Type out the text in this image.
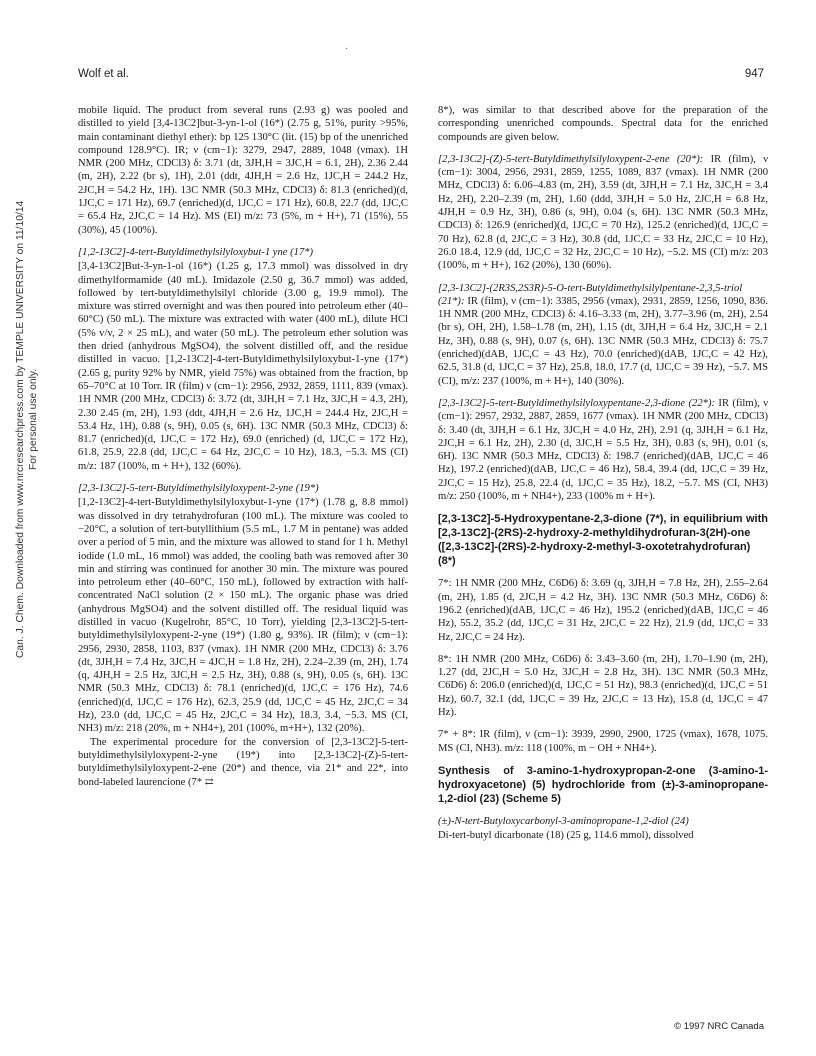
·
Wolf et al.	947
Can. J. Chem. Downloaded from www.nrcresearchpress.com by TEMPLE UNIVERSITY on 11/10/14 For personal use only.

mobile liquid. The product from several runs (2.93 g) was pooled and distilled to yield [3,4-13C2]but-3-yn-1-ol (16*) (2.75 g, 51%, purity >95%, main contaminant diethyl ether): bp 125 130°C (lit. (15) bp of the unenriched compound 128.9°C). IR; ν (cm−1): 3279, 2947, 2889, 1048 (νmax). 1H NMR (200 MHz, CDCl3) δ: 3.71 (dt, 3JH,H = 3JC,H = 6.1, 2H), 2.36 2.44 (m, 2H), 2.22 (br s), 1H), 2.01 (ddt, 4JH,H = 2.6 Hz, 1JC,H = 244.2 Hz, 2JC,H = 54.2 Hz, 1H). 13C NMR (50.3 MHz, CDCl3) δ: 81.3 (enriched)(d, 1JC,C = 171 Hz), 69.7 (enriched)(d, 1JC,C = 171 Hz), 60.8, 22.7 (dd, 1JC,C = 65.4 Hz, 2JC,C = 14 Hz). MS (EI) m/z: 73 (5%, m + H+), 71 (15%), 55 (30%), 45 (100%).

[1,2-13C2]-4-tert-Butyldimethylsilyloxybut-1 yne (17*)

[3,4-13C2]But-3-yn-1-ol (16*) (1.25 g, 17.3 mmol) was dissolved in dry dimethylformamide (40 mL). Imidazole (2.50 g, 36.7 mmol) was added, followed by tert-butyldimethylsilyl chloride (3.00 g, 19.9 mmol). The mixture was stirred overnight and was then poured into petroleum ether (40–60°C) (50 mL). The mixture was extracted with water (400 mL), dilute HCl (5% v/v, 2 × 25 mL), and water (50 mL). The petroleum ether solution was then dried (anhydrous MgSO4), the solvent distilled off, and the residue distilled in vacuo. [1,2-13C2]-4-tert-Butyldimethylsilyloxybut-1-yne (17*) (2.65 g, purity 92% by NMR, yield 75%) was obtained from the fraction, bp 65–70°C at 10 Torr. IR (film) ν (cm−1): 2956, 2932, 2859, 1111, 839 (νmax). 1H NMR (200 MHz, CDCl3) δ: 3.72 (dt, 3JH,H = 7.1 Hz, 3JC,H = 4.3, 2H), 2.30 2.45 (m, 2H), 1.93 (ddt, 4JH,H = 2.6 Hz, 1JC,H = 244.4 Hz, 2JC,H = 53.4 Hz, 1H), 0.88 (s, 9H), 0.05 (s, 6H). 13C NMR (50.3 MHz, CDCl3) δ: 81.7 (enriched)(d, 1JC,C = 172 Hz), 69.0 (enriched) (d, 1JC,C = 172 Hz), 61.8, 25.9, 22.8 (dd, 1JC,C = 64 Hz, 2JC,C = 10 Hz), 18.3, −5.3. MS (CI) m/z: 187 (100%, m + H+), 132 (60%).

[2,3-13C2]-5-tert-Butyldimethylsilyloxypent-2-yne (19*)

[1,2-13C2]-4-tert-Butyldimethylsilyloxybut-1-yne (17*) (1.78 g, 8.8 mmol) was dissolved in dry tetrahydrofuran (100 mL). The mixture was cooled to −20°C, a solution of tert-butyllithium (5.5 mL, 1.7 M in pentane) was added over a period of 5 min, and the mixture was allowed to stand for 1 h. Methyl iodide (1.0 mL, 16 mmol) was added, the cooling bath was removed after 30 min and stirring was continued for another 30 min. The mixture was poured into petroleum ether (40–60°C, 150 mL), followed by extraction with half-concentrated NaCl solution (2 × 150 mL). The organic phase was dried (anhydrous MgSO4) and the solvent distilled off. The residual liquid was distilled in vacuo (Kugelrohr, 85°C, 10 Torr), yielding [2,3-13C2]-5-tert-butyldimethylsilyloxypent-2-yne (19*) (1.80 g, 93%). IR (film); ν (cm−1): 2956, 2930, 2858, 1103, 837 (νmax). 1H NMR (200 MHz, CDCl3) δ: 3.76 (dt, 3JH,H = 7.4 Hz, 3JC,H = 4JC,H = 1.8 Hz, 2H), 2.24–2.39 (m, 2H), 1.74 (q, 4JH,H = 2.5 Hz, 3JC,H = 2.5 Hz, 3H), 0.88 (s, 9H), 0.05 (s, 6H). 13C NMR (50.3 MHz, CDCl3) δ: 78.1 (enriched)(d, 1JC,C = 176 Hz), 74.6 (enriched)(d, 1JC,C = 176 Hz), 62.3, 25.9 (dd, 1JC,C = 45 Hz, 2JC,C = 34 Hz), 23.0 (dd, 1JC,C = 45 Hz, 2JC,C = 34 Hz), 18.3, 3.4, −5.3. MS (CI, NH3) m/z: 218 (20%, m + NH4+), 201 (100%, m+H+), 132 (20%).

The experimental procedure for the conversion of [2,3-13C2]-5-tert-butyldimethylsilyloxypent-2-yne (19*) into [2,3-13C2]-(Z)-5-tert-butyldimethylsilyloxypent-2-ene (20*) and thence, via 21* and 22*, into bond-labeled laurencione (7* ⇄

8*), was similar to that described above for the preparation of the corresponding unenriched compounds. Spectral data for the enriched compounds are given below.

[2,3-13C2]-(Z)-5-tert-Butyldimethylsilyloxypent-2-ene (20*): IR (film), ν (cm−1): 3004, 2956, 2931, 2859, 1255, 1089, 837 (νmax). 1H NMR (200 MHz, CDCl3) δ: 6.06–4.83 (m, 2H), 3.59 (dt, 3JH,H = 7.1 Hz, 3JC,H = 3.4 Hz, 2H), 2.20–2.39 (m, 2H), 1.60 (ddd, 3JH,H = 5.0 Hz, 2JC,H = 6.8 Hz, 4JH,H = 0.9 Hz, 3H), 0.86 (s, 9H), 0.04 (s, 6H). 13C NMR (50.3 MHz, CDCl3) δ: 126.9 (enriched)(d, 1JC,C = 70 Hz), 125.2 (enriched)(d, 1JC,C = 70 Hz), 62.8 (d, 2JC,C = 3 Hz), 30.8 (dd, 1JC,C = 33 Hz, 2JC,C = 10 Hz), 26.0 18.4, 12.9 (dd, 1JC,C = 32 Hz, 2JC,C = 10 Hz), −5.2. MS (CI) m/z: 203 (100%, m + H+), 162 (20%), 130 (60%).

[2,3-13C2]-(2R3S,2S3R)-5-O-tert-Butyldimethylsilylpentane-2,3,5-triol (21*): IR (film), ν (cm−1): 3385, 2956 (νmax), 2931, 2859, 1256, 1090, 836. 1H NMR (200 MHz, CDCl3) δ: 4.16–3.33 (m, 2H), 3.77–3.96 (m, 2H), 2.54 (br s), OH, 2H), 1.58–1.78 (m, 2H), 1.15 (dt, 3JH,H = 6.4 Hz, 3JC,H = 2.1 Hz, 3H), 0.88 (s, 9H), 0.07 (s, 6H). 13C NMR (50.3 MHz, CDCl3) δ: 75.7 (enriched)(dAB, 1JC,C = 43 Hz), 70.0 (enriched)(dAB, 1JC,C = 42 Hz), 62.5, 31.8 (d, 1JC,C = 37 Hz), 25.8, 18.0, 17.7 (d, 1JC,C = 39 Hz), −5.7. MS (CI), m/z: 237 (100%, m + H+), 140 (30%).

[2,3-13C2]-5-tert-Butyldimethylsilyloxypentane-2,3-dione (22*): IR (film), ν (cm−1): 2957, 2932, 2887, 2859, 1677 (νmax). 1H NMR (200 MHz, CDCl3) δ: 3.40 (dt, 3JH,H = 6.1 Hz, 3JC,H = 4.0 Hz, 2H), 2.91 (q, 3JH,H = 6.1 Hz, 2JC,H = 6.1 Hz, 2H), 2.30 (d, 3JC,H = 5.5 Hz, 3H), 0.83 (s, 9H), 0.01 (s, 6H). 13C NMR (50.3 MHz, CDCl3) δ: 198.7 (enriched)(dAB, 1JC,C = 46 Hz), 197.2 (enriched)(dAB, 1JC,C = 46 Hz), 58.4, 39.4 (dd, 1JC,C = 39 Hz, 2JC,C = 15 Hz), 25.8, 22.4 (d, 1JC,C = 35 Hz), 18.2, −5.7. MS (CI, NH3) m/z: 250 (100%, m + NH4+), 233 (100% m + H+).

[2,3-13C2]-5-Hydroxypentane-2,3-dione (7*), in equilibrium with [2,3-13C2]-(2RS)-2-hydroxy-2-methyldihydrofuran-3(2H)-one ([2,3-13C2]-(2RS)-2-hydroxy-2-methyl-3-oxotetrahydrofuran) (8*)

7*: 1H NMR (200 MHz, C6D6) δ: 3.69 (q, 3JH,H = 7.8 Hz, 2H), 2.55–2.64 (m, 2H), 1.85 (d, 2JC,H = 4.2 Hz, 3H). 13C NMR (50.3 MHz, C6D6) δ: 196.2 (enriched)(dAB, 1JC,C = 46 Hz), 195.2 (enriched)(dAB, 1JC,C = 46 Hz), 55.2, 35.2 (dd, 1JC,C = 31 Hz, 2JC,C = 22 Hz), 21.9 (dd, 1JC,C = 33 Hz, 2JC,C = 24 Hz).

8*: 1H NMR (200 MHz, C6D6) δ: 3.43–3.60 (m, 2H), 1.70–1.90 (m, 2H), 1.27 (dd, 2JC,H = 5.0 Hz, 3JC,H = 2.8 Hz, 3H). 13C NMR (50.3 MHz, C6D6) δ: 206.0 (enriched)(d, 1JC,C = 51 Hz), 98.3 (enriched)(d, 1JC,C = 51 Hz), 60.7, 32.1 (dd, 1JC,C = 39 Hz, 2JC,C = 13 Hz), 15.8 (d, 1JC,C = 47 Hz).

7* + 8*: IR (film), ν (cm−1): 3939, 2990, 2900, 1725 (νmax), 1678, 1075. MS (CI, NH3). m/z: 118 (100%, m − OH + NH4+).

Synthesis of 3-amino-1-hydroxypropan-2-one (3-amino-1-hydroxyacetone) (5) hydrochloride from (±)-3-aminopropane-1,2-diol (23) (Scheme 5)

(±)-N-tert-Butyloxycarbonyl-3-aminopropane-1,2-diol (24)

Di-tert-butyl dicarbonate (18) (25 g, 114.6 mmol), dissolved

© 1997 NRC Canada
